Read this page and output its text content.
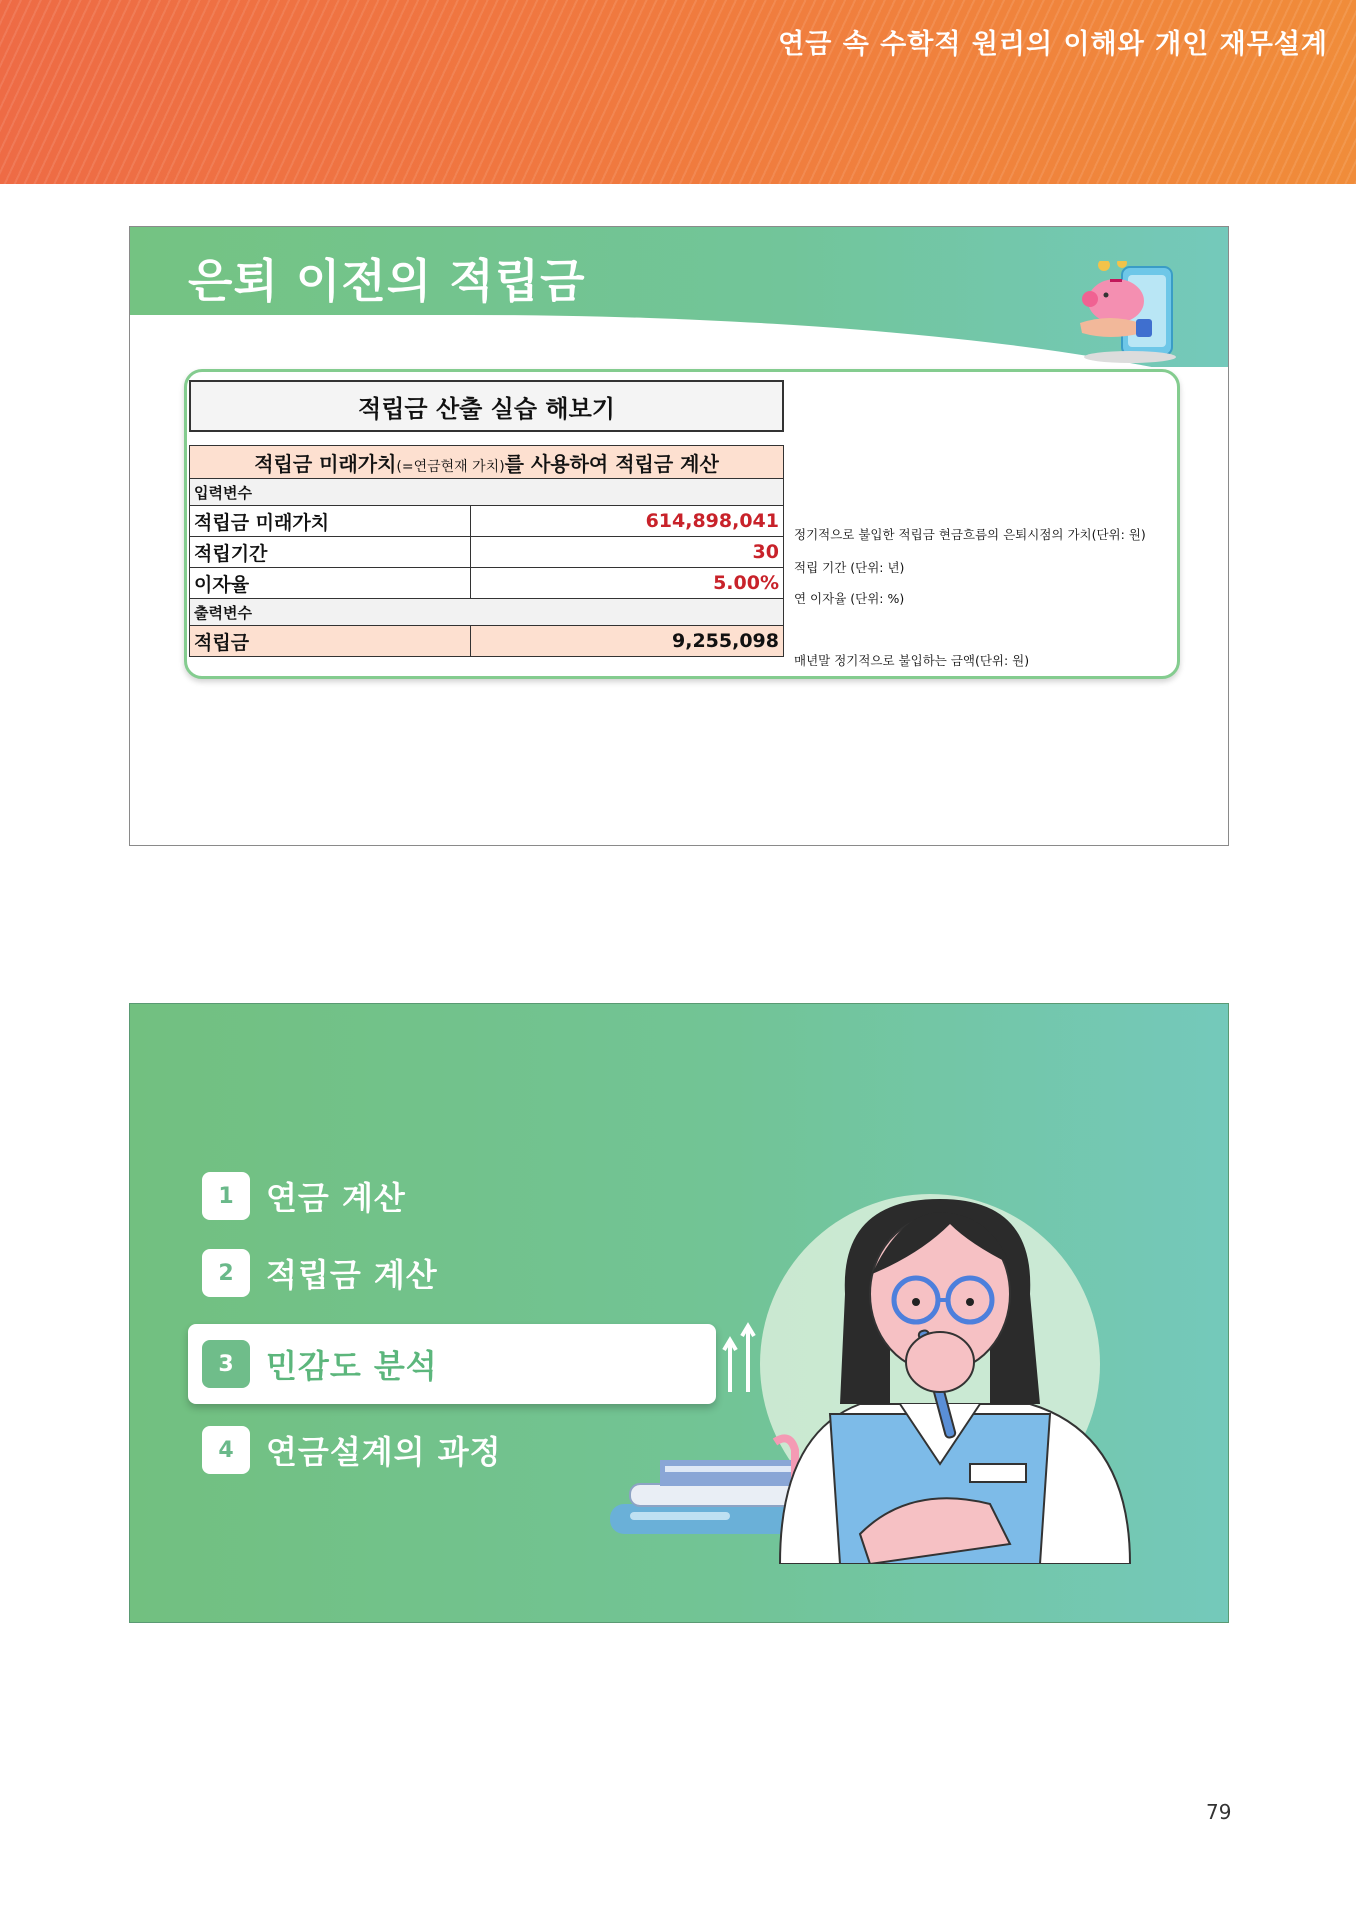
연금 속 수학적 원리의 이해와 개인 재무설계
은퇴 이전의 적립금
적립금 산출 실습 해보기
적립금 미래가치(=연금현재 가치)를 사용하여 적립금 계산	
입력변수	
적립금 미래가치	614,898,041
적립기간	30
이자율	5.00%
출력변수	
적립금	9,255,098
정기적으로 불입한 적립금 현금흐름의 은퇴시점의 가치(단위: 원)
적립 기간 (단위: 년)
연 이자율 (단위: %)
매년말 정기적으로 불입하는 금액(단위: 원)
1	연금 계산
2	적립금 계산
3	민감도 분석
4	연금설계의 과정
79
